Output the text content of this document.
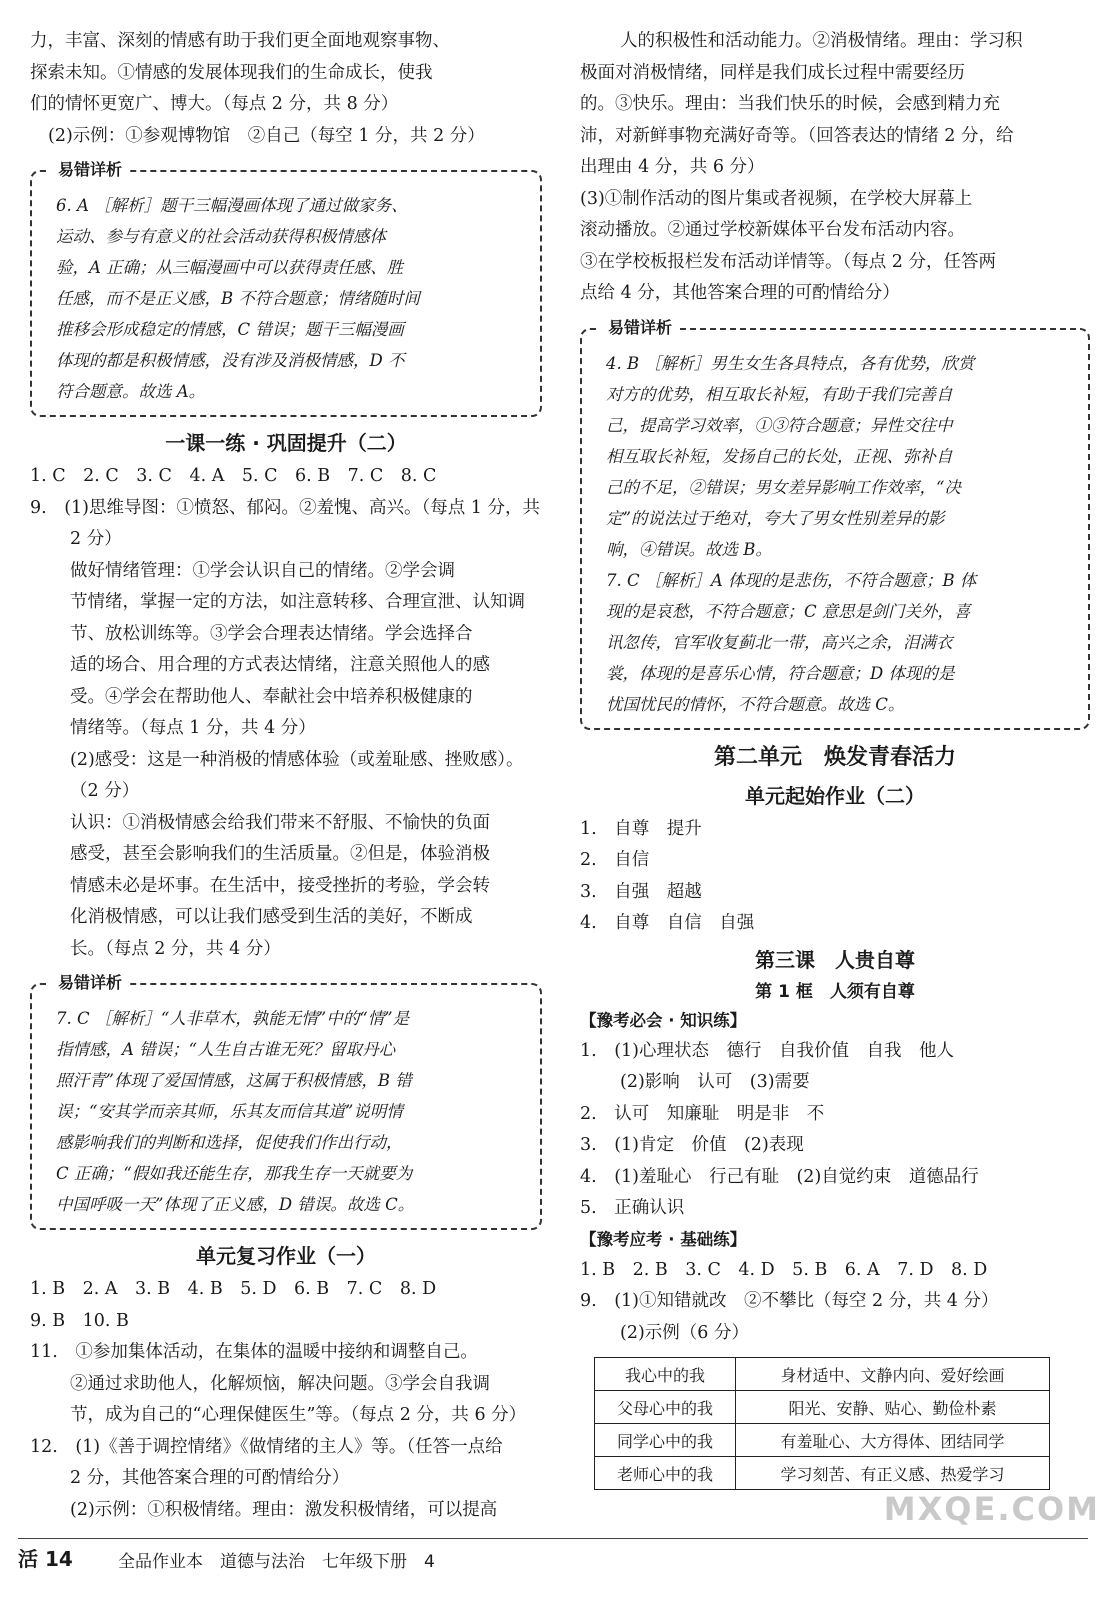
力，丰富、深刻的情感有助于我们更全面地观察事物、

探索未知。①情感的发展体现我们的生命成长，使我

们的情怀更宽广、博大。（每点 2 分，共 8 分）

(2)示例：①参观博物馆　②自己（每空 1 分，共 2 分）

易错详析

6. A ［解析］题干三幅漫画体现了通过做家务、

运动、参与有意义的社会活动获得积极情感体

验，A 正确；从三幅漫画中可以获得责任感、胜

任感，而不是正义感，B 不符合题意；情绪随时间

推移会形成稳定的情感，C 错误；题干三幅漫画

体现的都是积极情感，没有涉及消极情感，D 不

符合题意。故选 A。

一课一练 · 巩固提升（二）

1. C　2. C　3. C　4. A　5. C　6. B　7. C　8. C

9.　(1)思维导图：①愤怒、郁闷。②羞愧、高兴。（每点 1 分，共

2 分）

做好情绪管理：①学会认识自己的情绪。②学会调

节情绪，掌握一定的方法，如注意转移、合理宣泄、认知调

节、放松训练等。③学会合理表达情绪。学会选择合

适的场合、用合理的方式表达情绪，注意关照他人的感

受。④学会在帮助他人、奉献社会中培养积极健康的

情绪等。（每点 1 分，共 4 分）

(2)感受：这是一种消极的情感体验（或羞耻感、挫败感）。

（2 分）

认识：①消极情感会给我们带来不舒服、不愉快的负面

感受，甚至会影响我们的生活质量。②但是，体验消极

情感未必是坏事。在生活中，接受挫折的考验，学会转

化消极情感，可以让我们感受到生活的美好，不断成

长。（每点 2 分，共 4 分）

易错详析

7. C ［解析］“人非草木，孰能无情”中的“情”是

指情感，A 错误；“人生自古谁无死？留取丹心

照汗青”体现了爱国情感，这属于积极情感，B 错

误；“安其学而亲其师，乐其友而信其道”说明情

感影响我们的判断和选择，促使我们作出行动，

C 正确；“假如我还能生存，那我生存一天就要为

中国呼吸一天”体现了正义感，D 错误。故选 C。

单元复习作业（一）

1. B　2. A　3. B　4. B　5. D　6. B　7. C　8. D

9. B　10. B

11.　①参加集体活动，在集体的温暖中接纳和调整自己。

②通过求助他人，化解烦恼，解决问题。③学会自我调

节，成为自己的“心理保健医生”等。（每点 2 分，共 6 分）

12.　(1)《善于调控情绪》《做情绪的主人》等。（任答一点给

2 分，其他答案合理的可酌情给分）

(2)示例：①积极情绪。理由：激发积极情绪，可以提高

人的积极性和活动能力。②消极情绪。理由：学习积

极面对消极情绪，同样是我们成长过程中需要经历

的。③快乐。理由：当我们快乐的时候，会感到精力充

沛，对新鲜事物充满好奇等。（回答表达的情绪 2 分，给

出理由 4 分，共 6 分）

(3)①制作活动的图片集或者视频，在学校大屏幕上

滚动播放。②通过学校新媒体平台发布活动内容。

③在学校板报栏发布活动详情等。（每点 2 分，任答两

点给 4 分，其他答案合理的可酌情给分）

易错详析

4. B ［解析］男生女生各具特点，各有优势，欣赏

对方的优势，相互取长补短，有助于我们完善自

己，提高学习效率，①③符合题意；异性交往中

相互取长补短，发扬自己的长处，正视、弥补自

己的不足，②错误；男女差异影响工作效率，“决

定”的说法过于绝对，夸大了男女性别差异的影

响，④错误。故选 B。

7. C ［解析］A 体现的是悲伤，不符合题意；B 体

现的是哀愁，不符合题意；C 意思是剑门关外，喜

讯忽传，官军收复蓟北一带，高兴之余，泪满衣

裳，体现的是喜乐心情，符合题意；D 体现的是

忧国忧民的情怀，不符合题意。故选 C。

第二单元　焕发青春活力
单元起始作业（二）

1.　自尊　提升

2.　自信

3.　自强　超越

4.　自尊　自信　自强

第三课　人贵自尊
第 1 框　人须有自尊
【豫考必会 · 知识练】

1.　(1)心理状态　德行　自我价值　自我　他人

(2)影响　认可　(3)需要

2.　认可　知廉耻　明是非　不

3.　(1)肯定　价值　(2)表现

4.　(1)羞耻心　行己有耻　(2)自觉约束　道德品行

5.　正确认识

【豫考应考 · 基础练】

1. B　2. B　3. C　4. D　5. B　6. A　7. D　8. D

9.　(1)①知错就改　②不攀比（每空 2 分，共 4 分）

(2)示例（6 分）

我心中的我	身材适中、文静内向、爱好绘画
父母心中的我	阳光、安静、贴心、勤俭朴素
同学心中的我	有羞耻心、大方得体、团结同学
老师心中的我	学习刻苦、有正义感、热爱学习
MXQE.COM
活 14	全品作业本　道德与法治　七年级下册　4
